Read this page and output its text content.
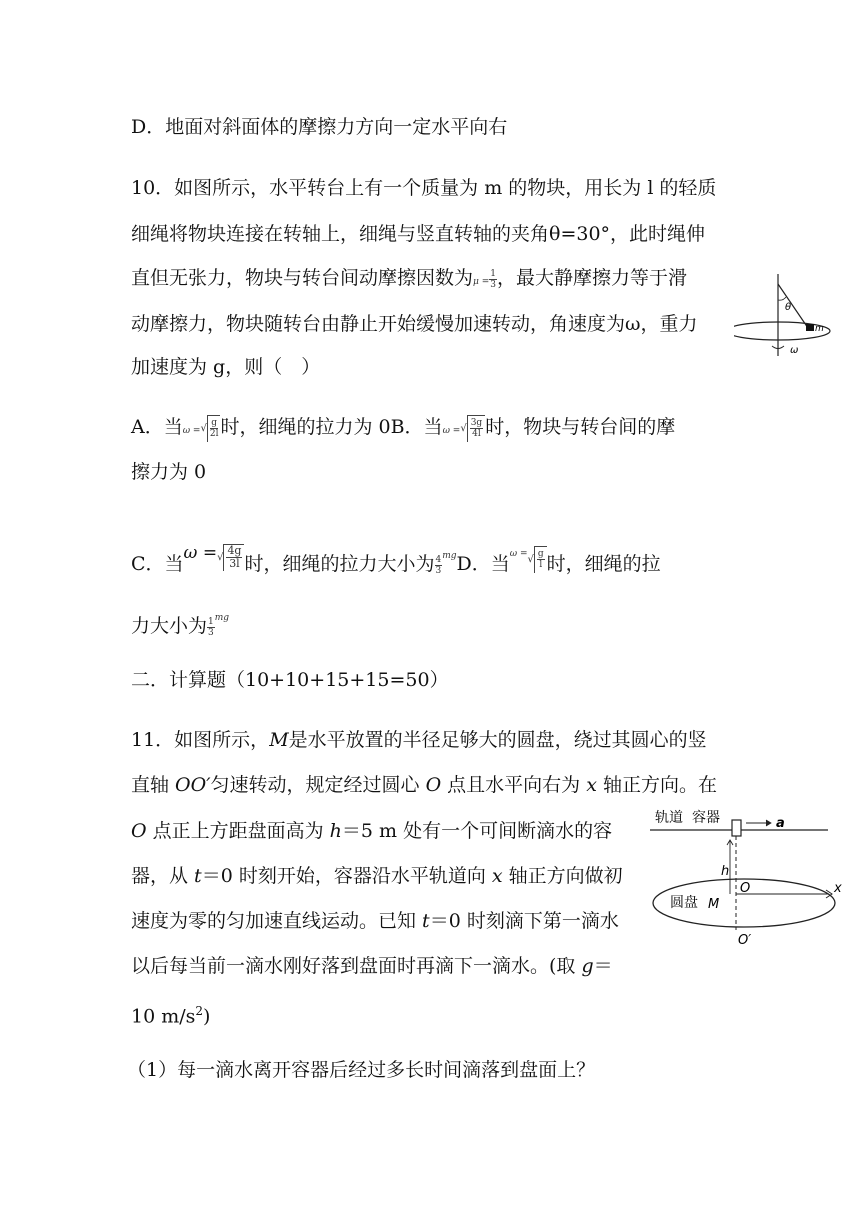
D．地面对斜面体的摩擦力方向一定水平向右
10．如图所示，水平转台上有一个质量为 m 的物块，用长为 l 的轻质
细绳将物块连接在转轴上，细绳与竖直转轴的夹角θ=30°，此时绳伸
直但无张力，物块与转台间动摩擦因数为$\mu = \frac{1}{3}$ ，最大静摩擦力等于滑
动摩擦力，物块随转台由静止开始缓慢加速转动，角速度为ω，重力
加速度为 g，则（　）
θ
m
ω
A．当ω =√ $\frac{g}{2l}$ 时，细绳的拉力为 0B．当ω =√ $\frac{3g}{4l}$ 时，物块与转台间的摩
擦力为 0
C．当ω =√ $\frac{4g}{3l}$ 时，细绳的拉力大小为 $\frac{4}{3} ^{mg}D$．当$^{\omega =}√ \frac{g}{l}$ 时，细绳的拉
力大小为 $\frac{1}{3} ^{mg}$
二．计算题（10+10+15+15=50）
11．如图所示，M是水平放置的半径足够大的圆盘，绕过其圆心的竖
直轴 OO′匀速转动，规定经过圆心 O 点且水平向右为 x 轴正方向。在
O 点正上方距盘面高为 h＝5 m 处有一个可间断滴水的容
器，从 t＝0 时刻开始，容器沿水平轨道向 x 轴正方向做初
速度为零的匀加速直线运动。已知 t＝0 时刻滴下第一滴水
以后每当前一滴水刚好落到盘面时再滴下一滴水。(取 g＝
10 $m/s^2$)
（1）每一滴水离开容器后经过多长时间滴落到盘面上？
轨道 容器	a
h
x
O
圆盘 M
O′
